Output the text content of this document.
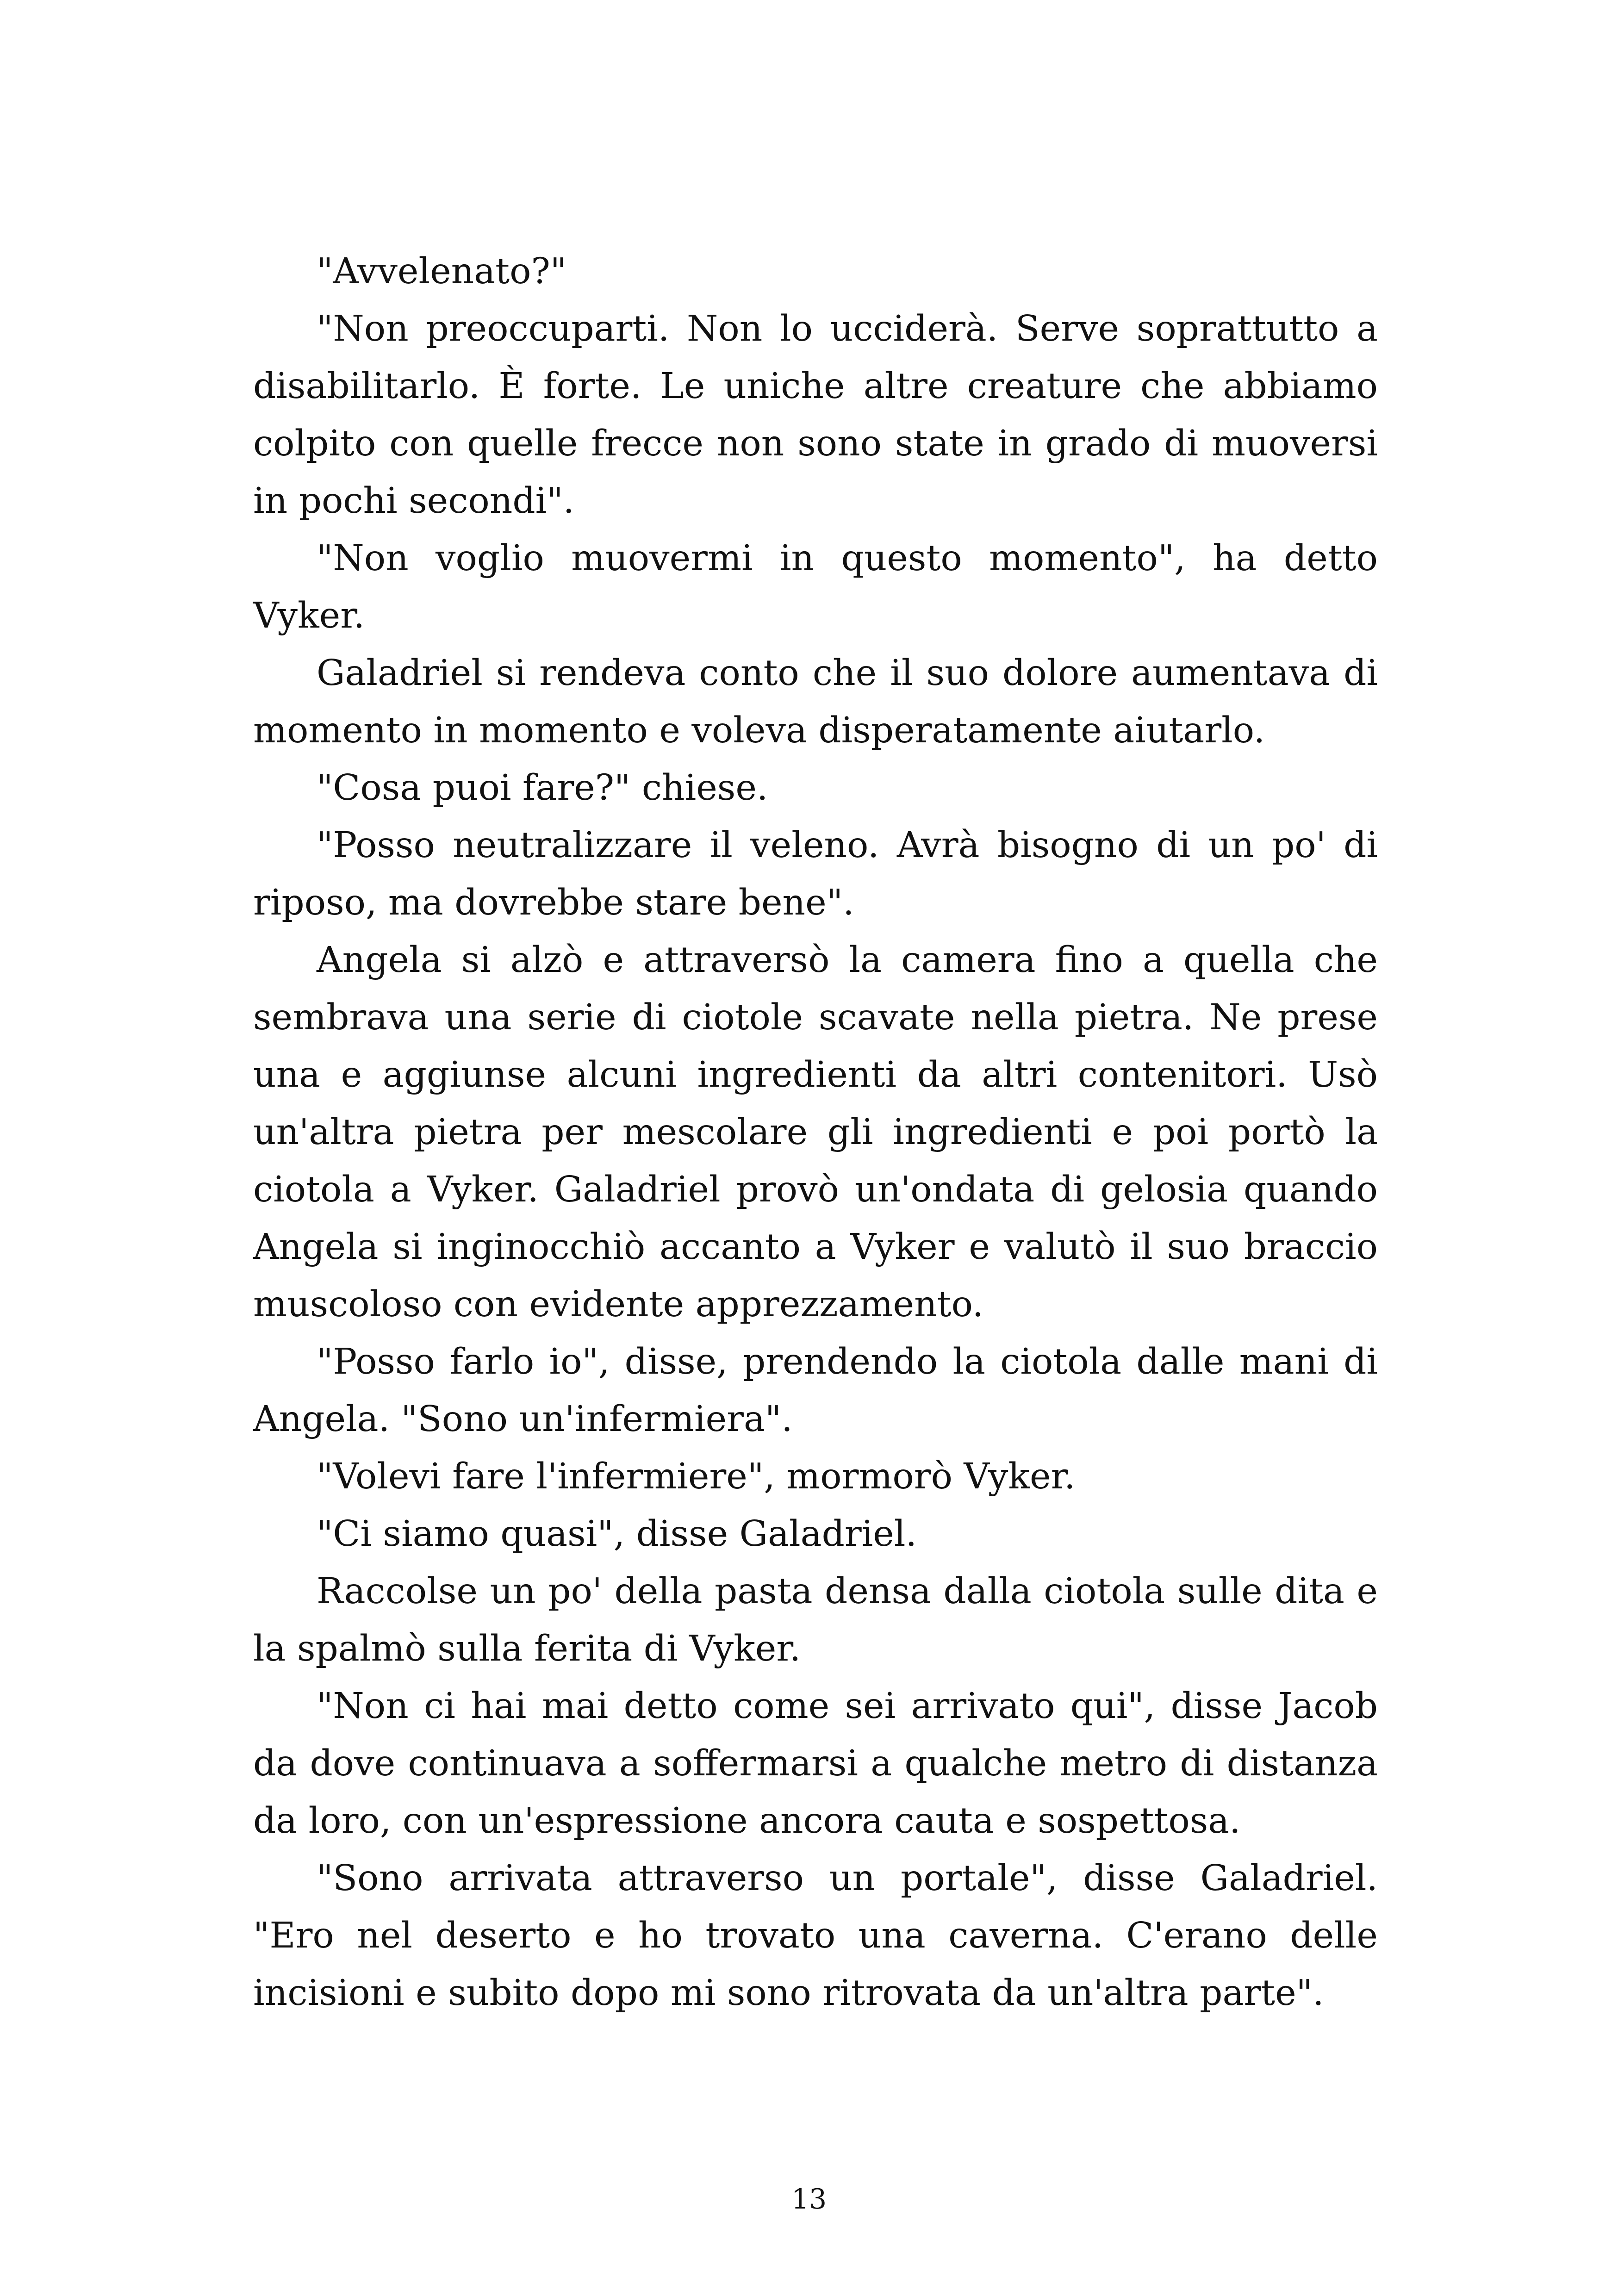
"Avvelenato?"

"Non preoccuparti. Non lo ucciderà. Serve soprattutto a disabilitarlo. È forte. Le uniche altre creature che abbiamo colpito con quelle frecce non sono state in grado di muoversi in pochi secondi".

"Non voglio muovermi in questo momento", ha detto Vyker.

Galadriel si rendeva conto che il suo dolore aumentava di momento in momento e voleva disperatamente aiutarlo.

"Cosa puoi fare?" chiese.

"Posso neutralizzare il veleno. Avrà bisogno di un po' di riposo, ma dovrebbe stare bene".

Angela si alzò e attraversò la camera fino a quella che sembrava una serie di ciotole scavate nella pietra. Ne prese una e aggiunse alcuni ingredienti da altri contenitori. Usò un'altra pietra per mescolare gli ingredienti e poi portò la ciotola a Vyker. Galadriel provò un'ondata di gelosia quando Angela si inginocchiò accanto a Vyker e valutò il suo braccio muscoloso con evidente apprezzamento.

"Posso farlo io", disse, prendendo la ciotola dalle mani di Angela. "Sono un'infermiera".

"Volevi fare l'infermiere", mormorò Vyker.

"Ci siamo quasi", disse Galadriel.

Raccolse un po' della pasta densa dalla ciotola sulle dita e la spalmò sulla ferita di Vyker.

"Non ci hai mai detto come sei arrivato qui", disse Jacob da dove continuava a soffermarsi a qualche metro di distanza da loro, con un'espressione ancora cauta e sospettosa.

"Sono arrivata attraverso un portale", disse Galadriel. "Ero nel deserto e ho trovato una caverna. C'erano delle incisioni e subito dopo mi sono ritrovata da un'altra parte".

13
